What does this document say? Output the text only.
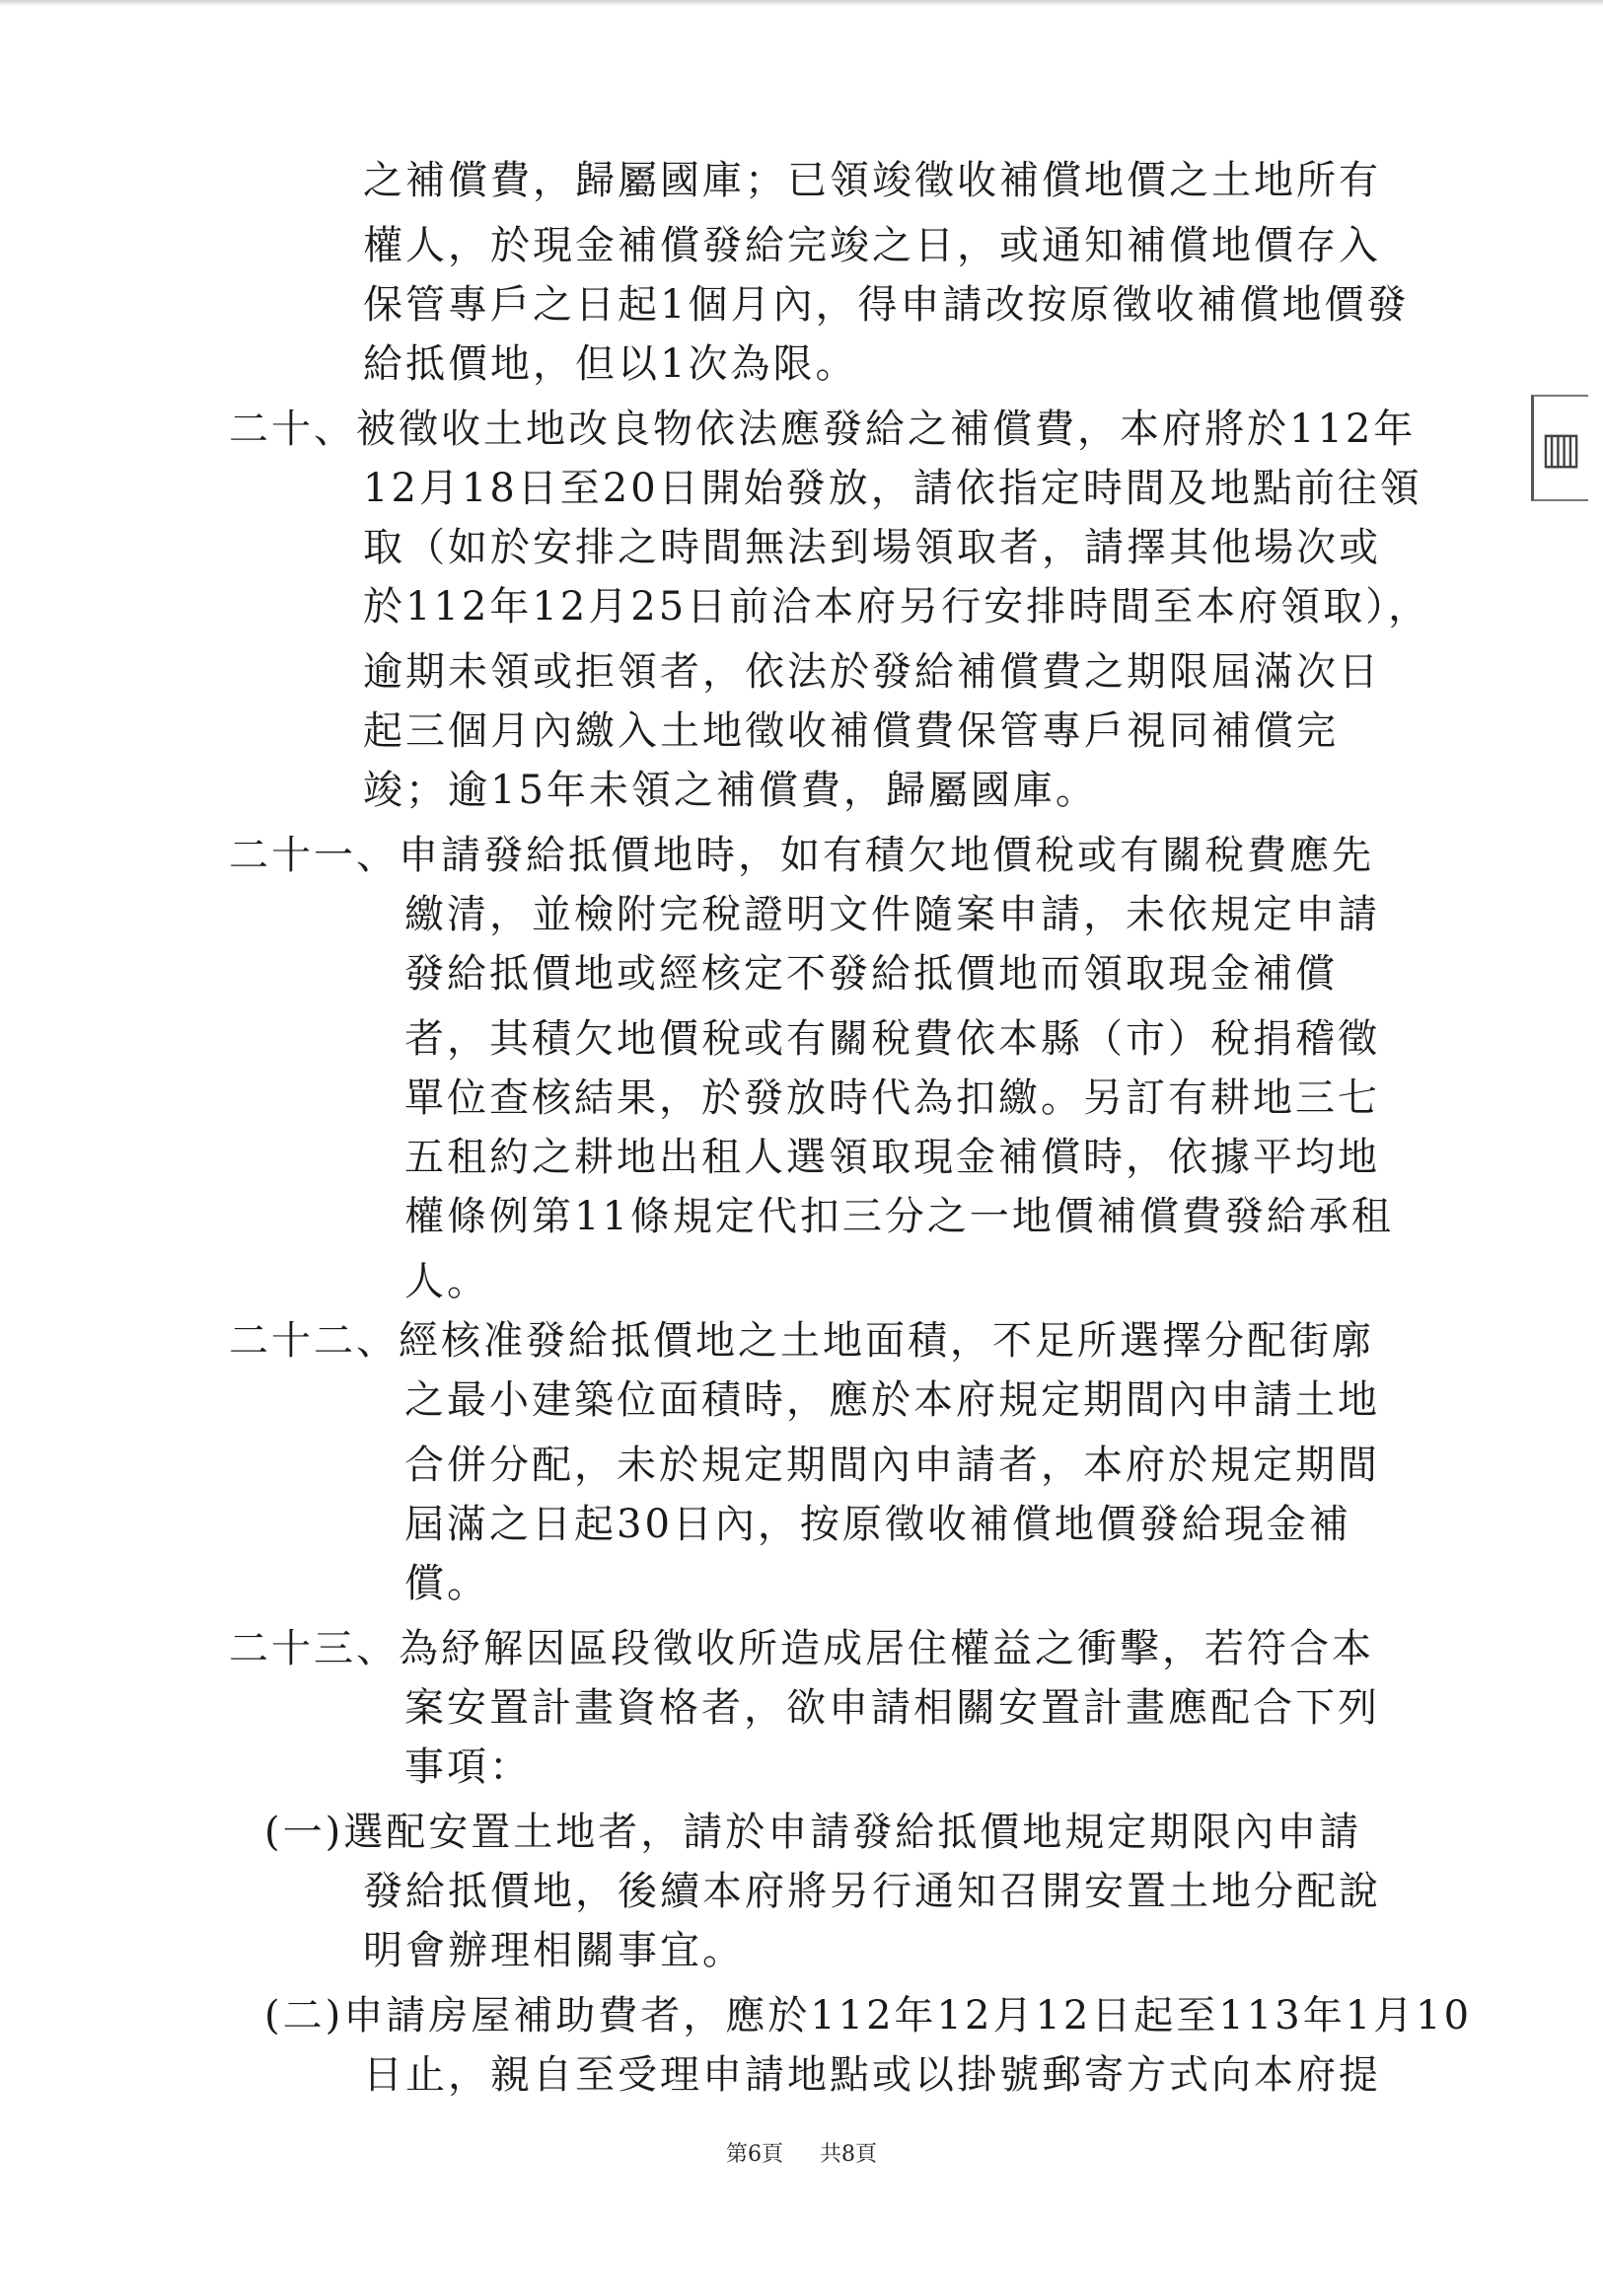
之補償費，歸屬國庫；已領竣徵收補償地價之土地所有
權人，於現金補償發給完竣之日，或通知補償地價存入
保管專戶之日起1個月內，得申請改按原徵收補償地價發
給抵價地，但以1次為限。
二十、被徵收土地改良物依法應發給之補償費，本府將於112年
12月18日至20日開始發放，請依指定時間及地點前往領
取（如於安排之時間無法到場領取者，請擇其他場次或
於112年12月25日前洽本府另行安排時間至本府領取），
逾期未領或拒領者，依法於發給補償費之期限屆滿次日
起三個月內繳入土地徵收補償費保管專戶視同補償完
竣；逾15年未領之補償費，歸屬國庫。
二十一、申請發給抵價地時，如有積欠地價稅或有關稅費應先
繳清，並檢附完稅證明文件隨案申請，未依規定申請
發給抵價地或經核定不發給抵價地而領取現金補償
者，其積欠地價稅或有關稅費依本縣（市）稅捐稽徵
單位查核結果，於發放時代為扣繳。另訂有耕地三七
五租約之耕地出租人選領取現金補償時，依據平均地
權條例第11條規定代扣三分之一地價補償費發給承租
人。
二十二、經核准發給抵價地之土地面積，不足所選擇分配街廓
之最小建築位面積時，應於本府規定期間內申請土地
合併分配，未於規定期間內申請者，本府於規定期間
屆滿之日起30日內，按原徵收補償地價發給現金補
償。
二十三、為紓解因區段徵收所造成居住權益之衝擊，若符合本
案安置計畫資格者，欲申請相關安置計畫應配合下列
事項：
(一)選配安置土地者，請於申請發給抵價地規定期限內申請
發給抵價地，後續本府將另行通知召開安置土地分配說
明會辦理相關事宜。
(二)申請房屋補助費者，應於112年12月12日起至113年1月10
日止，親自至受理申請地點或以掛號郵寄方式向本府提
▥
第6頁 共8頁
